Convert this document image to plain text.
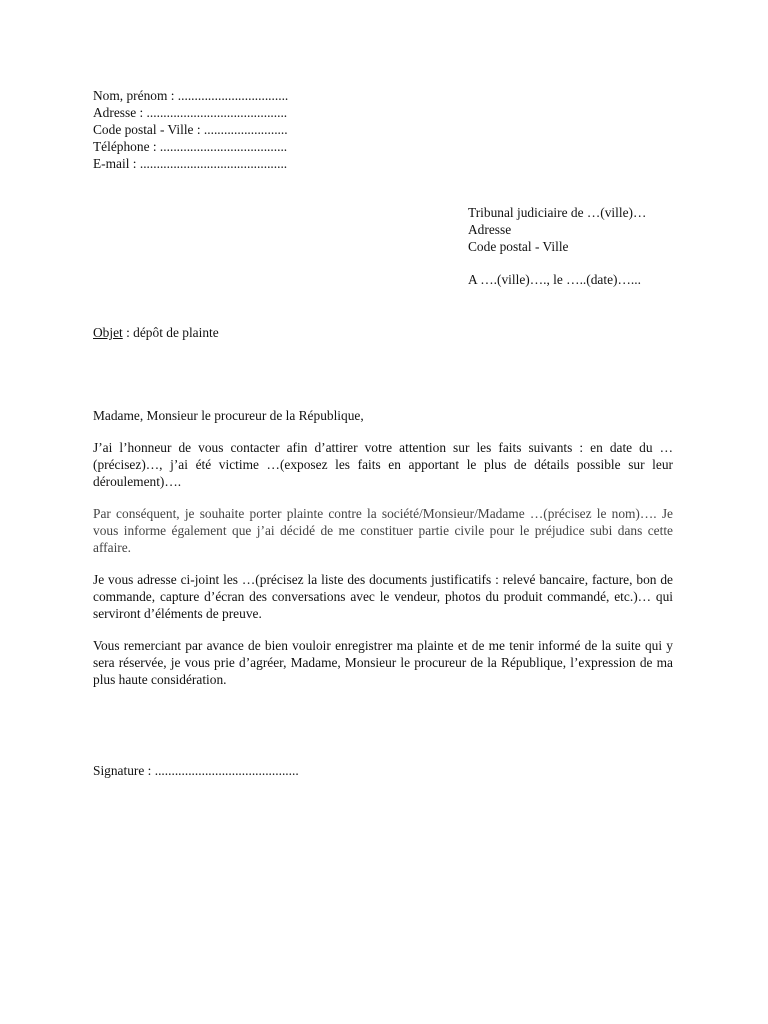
Nom, prénom : .................................
Adresse : ..........................................
Code postal - Ville : .........................
Téléphone : ......................................
E-mail : ............................................
Tribunal judiciaire de …(ville)…
Adresse
Code postal - Ville
A ….(ville)…., le …..(date)…...
Objet : dépôt de plainte

Madame, Monsieur le procureur de la République,

J’ai l’honneur de vous contacter afin d’attirer votre attention sur les faits suivants : en date du …(précisez)…, j’ai été victime …(exposez les faits en apportant le plus de détails possible sur leur déroulement)….

Par conséquent, je souhaite porter plainte contre la société/Monsieur/Madame …(précisez le nom)…. Je vous informe également que j’ai décidé de me constituer partie civile pour le préjudice subi dans cette affaire.

Je vous adresse ci-joint les …(précisez la liste des documents justificatifs : relevé bancaire, facture, bon de commande, capture d’écran des conversations avec le vendeur, photos du produit commandé, etc.)… qui serviront d’éléments de preuve.

Vous remerciant par avance de bien vouloir enregistrer ma plainte et de me tenir informé de la suite qui y sera réservée, je vous prie d’agréer, Madame, Monsieur le procureur de la République, l’expression de ma plus haute considération.

Signature : ...........................................
